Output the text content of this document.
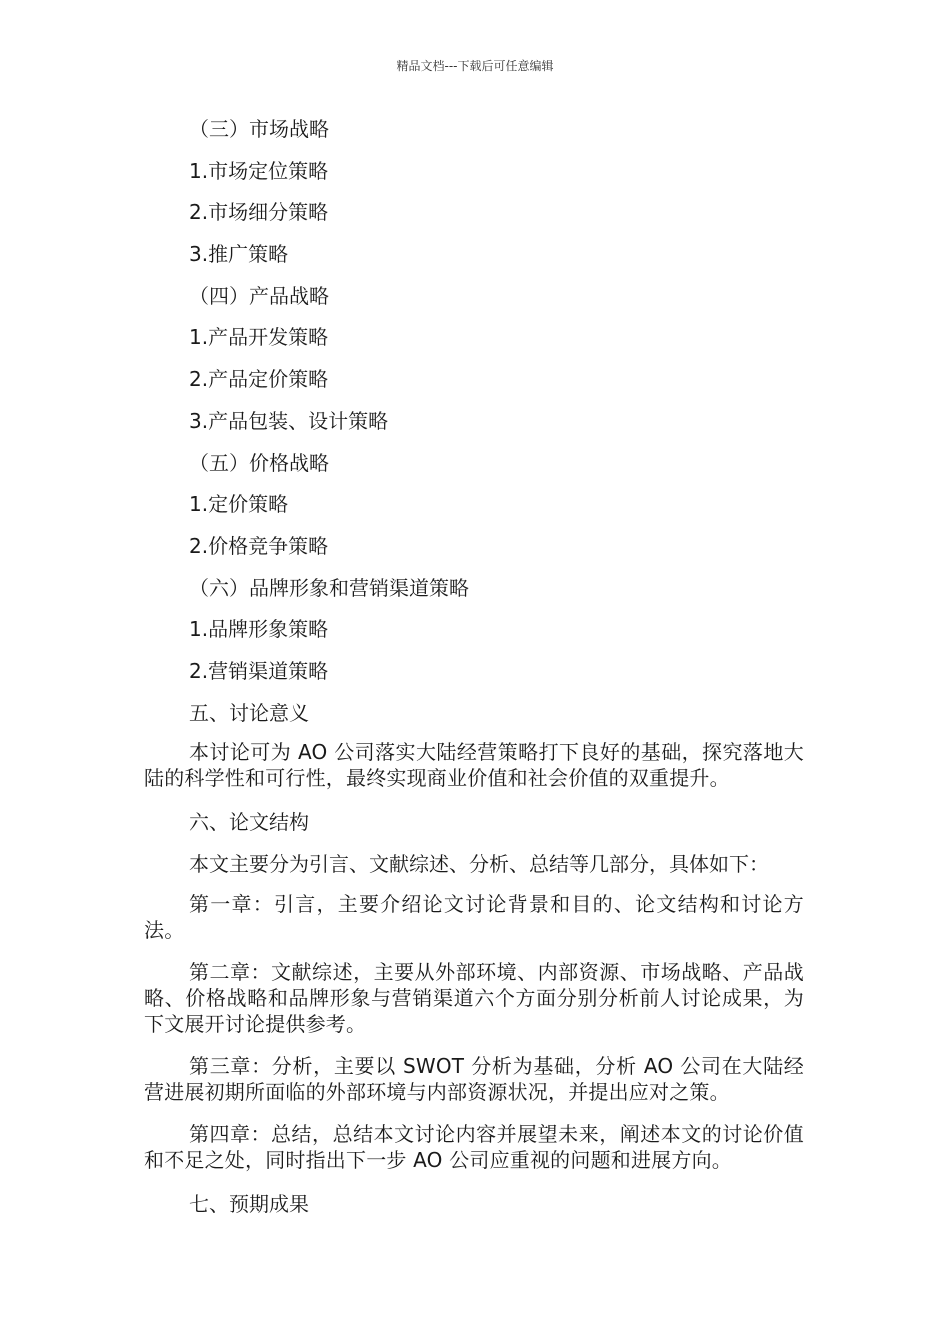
精品文档---下载后可任意编辑
（三）市场战略
1.市场定位策略
2.市场细分策略
3.推广策略
（四）产品战略
1.产品开发策略
2.产品定价策略
3.产品包装、设计策略
（五）价格战略
1.定价策略
2.价格竞争策略
（六）品牌形象和营销渠道策略
1.品牌形象策略
2.营销渠道策略
五、讨论意义
本讨论可为 AO 公司落实大陆经营策略打下良好的基础，探究落地大陆的科学性和可行性，最终实现商业价值和社会价值的双重提升。
六、论文结构
本文主要分为引言、文献综述、分析、总结等几部分，具体如下：
第一章：引言，主要介绍论文讨论背景和目的、论文结构和讨论方法。
第二章：文献综述，主要从外部环境、内部资源、市场战略、产品战略、价格战略和品牌形象与营销渠道六个方面分别分析前人讨论成果，为下文展开讨论提供参考。
第三章：分析，主要以 SWOT 分析为基础，分析 AO 公司在大陆经营进展初期所面临的外部环境与内部资源状况，并提出应对之策。
第四章：总结，总结本文讨论内容并展望未来，阐述本文的讨论价值和不足之处，同时指出下一步 AO 公司应重视的问题和进展方向。
七、预期成果
